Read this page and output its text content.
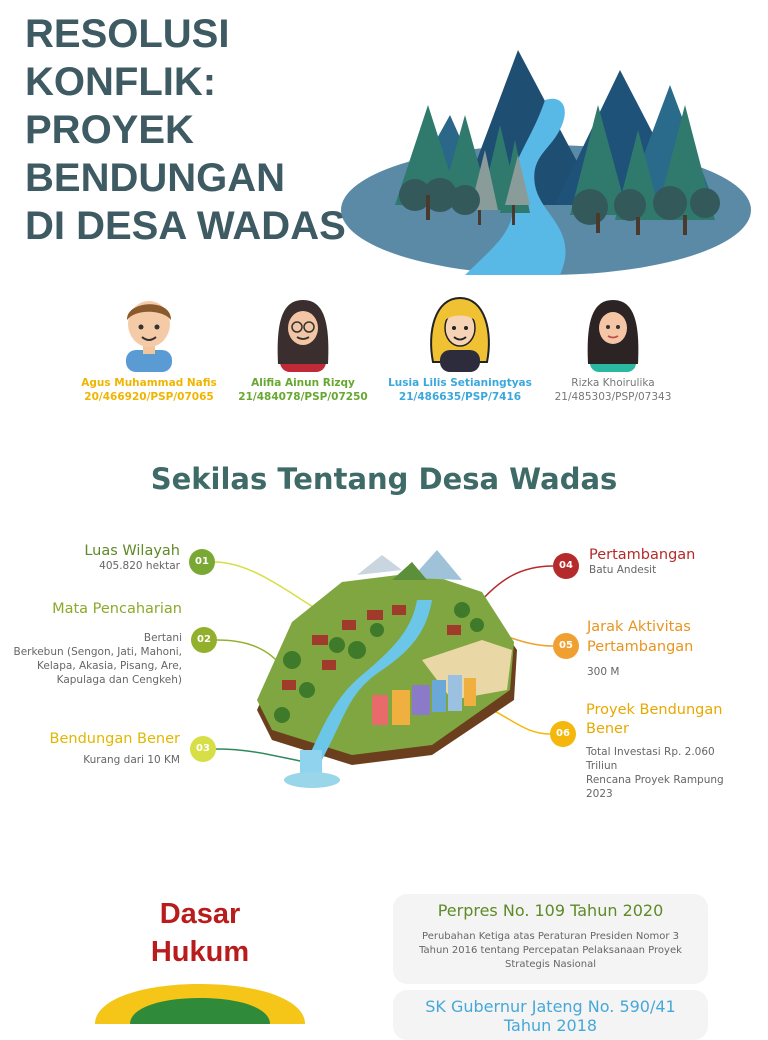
RESOLUSI
KONFLIK:
PROYEK
BENDUNGAN
DI DESA WADAS
Agus Muhammad Nafis
20/466920/PSP/07065
Alifia Ainun Rizqy
21/484078/PSP/07250
Lusia Lilis Setianingtyas
21/486635/PSP/7416
Rizka Khoirulika
21/485303/PSP/07343
Sekilas Tentang Desa Wadas
01
Luas Wilayah
405.820 hektar
02
Mata Pencaharian
Bertani
Berkebun (Sengon, Jati, Mahoni, Kelapa, Akasia, Pisang, Are, Kapulaga dan Cengkeh)
03
Bendungan Bener
Kurang dari 10 KM
04
Pertambangan
Batu Andesit
05
Jarak Aktivitas Pertambangan
300 M
06
Proyek Bendungan Bener
Total Investasi Rp. 2.060 Triliun
Rencana Proyek Rampung 2023
Dasar
Hukum
Perpres No. 109 Tahun 2020
Perubahan Ketiga atas Peraturan Presiden Nomor 3 Tahun 2016 tentang Percepatan Pelaksanaan Proyek Strategis Nasional
SK Gubernur Jateng No. 590/41
Tahun 2018
